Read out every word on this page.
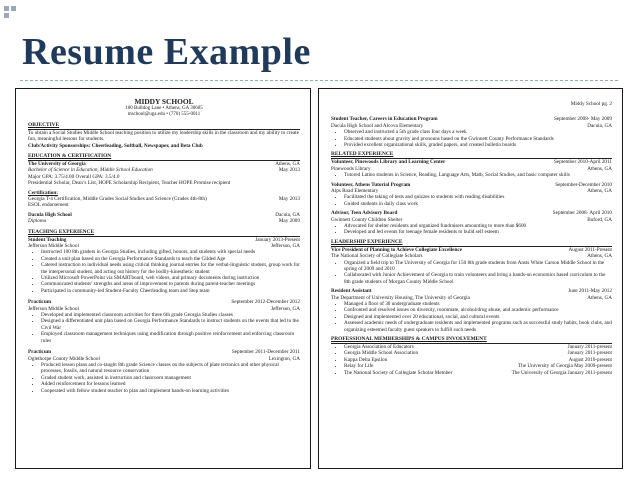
Resume Example
MIDDY SCHOOL
100 Bulldog Lane • Athens, GA 30605
mschool@uga.edu • (770) 555-0011
OBJECTIVE

To obtain a Social Studies Middle School teaching position to utilize my leadership skills in the classroom and my ability to create fun, meaningful lessons for students.

Club/Activity Sponsorships: Cheerleading, Softball, Newspaper, and Beta Club

EDUCATION & CERTIFICATION
The University of Georgia	Athens, GA
Bachelor of Science in Education, Middle School Education	May 2013

Major GPA: 3.75/4.00 Overall GPA: 3.5/4.0

Presidential Scholar, Dean’s List, HOPE Scholarship Recipient, Teacher HOPE Promise recipient

Certification:
Georgia T-4 Certification, Middle Grades Social Studies and Science (Grades 4th-8th)	May 2013

ESOL endorsement

Dacula High School	Dacula, GA
Diploma	May 2009
TEACHING EXPERIENCE
Student Teaching	January 2013-Present
Jefferson Middle School	Jefferson, GA
• Instructed 100 8th graders in Georgia Studies, including gifted, honors, and students with special needs
• Created a unit plan based on the Georgia Performance Standards to teach the Gilded Age
• Catered instruction to individual needs using critical thinking journal entries for the verbal-linguistic student, group work for the interpersonal student, and acting out history for the bodily-kinesthetic student
• Utilized Microsoft PowerPoint via SMARTboard, web videos, and primary documents during instruction
• Communicated students’ strengths and areas of improvement to parents during parent-teacher meetings
• Participated in community-led Student-Faculty Cheerleading team and Step team
Practicum	September 2012-December 2012
Jefferson Middle School	Jefferson, GA
• Developed and implemented classroom activities for three 6th grade Georgia Studies classes
• Designed a differentiated unit plan based on Georgia Performance Standards to instruct students on the events that led to the Civil War
• Employed classroom management techniques using modification through positive reinforcement and enforcing classroom rules
Practicum	September 2011-December 2011
Oglethorpe County Middle School	Lexington, GA
• Produced lesson plans and co-taught 8th grade Science classes on the subjects of plate tectonics and other physical processes, fossils, and natural resource conservation
• Graded student work, assisted in instruction and classroom management
• Added reinforcement for lessons learned
• Cooperated with fellow student teacher to plan and implement hands-on learning activities
Middy School pg. 2
Student Teacher, Careers in Education Program	September 2008- May 2009
Dacula High School and Alcova Elementary	Dacula, GA
• Observed and instructed a 5th grade class four days a week
• Educated students about gravity and pronouns based on the Gwinnett County Performance Standards
• Provided excellent organizational skills, graded papers, and created bulletin boards
RELATED EXPERIENCE
Volunteer, Pinewoods Library and Learning Center	September 2010-April 2011
Pinewoods Library	Athens, GA
• Tutored Latino students in Science, Reading, Language Arts, Math, Social Studies, and basic computer skills
Volunteer, Athens Tutorial Program	September-December 2010
Alps Road Elementary	Athens, GA
• Facilitated the taking of tests and quizzes to students with reading disabilities
• Guided students in daily class work
Advisor, Teen Advisory Board	September 2008- April 2010
Gwinnett County Children Shelter	Buford, GA
• Advocated for shelter residents and organized fundraisers amounting to more than $600
• Developed and led events for teenage female residents to build self esteem
LEADERSHIP EXPERIENCE
Vice President of Planning to Achieve Collegiate Excellence	August 2011-Present
The National Society of Collegiate Scholars	Athens, GA
• Organized a field trip to The University of Georgia for 150 8th grade students from Ansts White Carson Middle School in the spring of 2009 and 2010
• Collaborated with Junior Achievement of Georgia to train volunteers and bring a hands-on economics based curriculum to the 8th grade students of Morgan County Middle School
Resident Assistant	June 2011-May 2012
The Department of University Housing, The University of Georgia	Athens, GA
• Managed a floor of 30 undergraduate students
• Confronted and resolved issues on diversity, roommate, alcohol/drug abuse, and academic performance
• Designed and implemented over 20 educational, social, and cultural events
• Assessed academic needs of undergraduate residents and implemented programs such as successful study habits, book clubs, and organizing esteemed faculty guest speakers to fulfill such needs
PROFESSIONAL MEMBERSHIPS & CAMPUS INVOLVEMENT
• Georgia Association of Educators	January 2011-present
• Georgia Middle School Association	January 2011-present
• Kappa Delta Epsilon	August 2010-present
• Relay for Life	The University of Georgia May 2009-present
• The National Society of Collegiate Scholar Member	The University of Georgia January 2011-present
